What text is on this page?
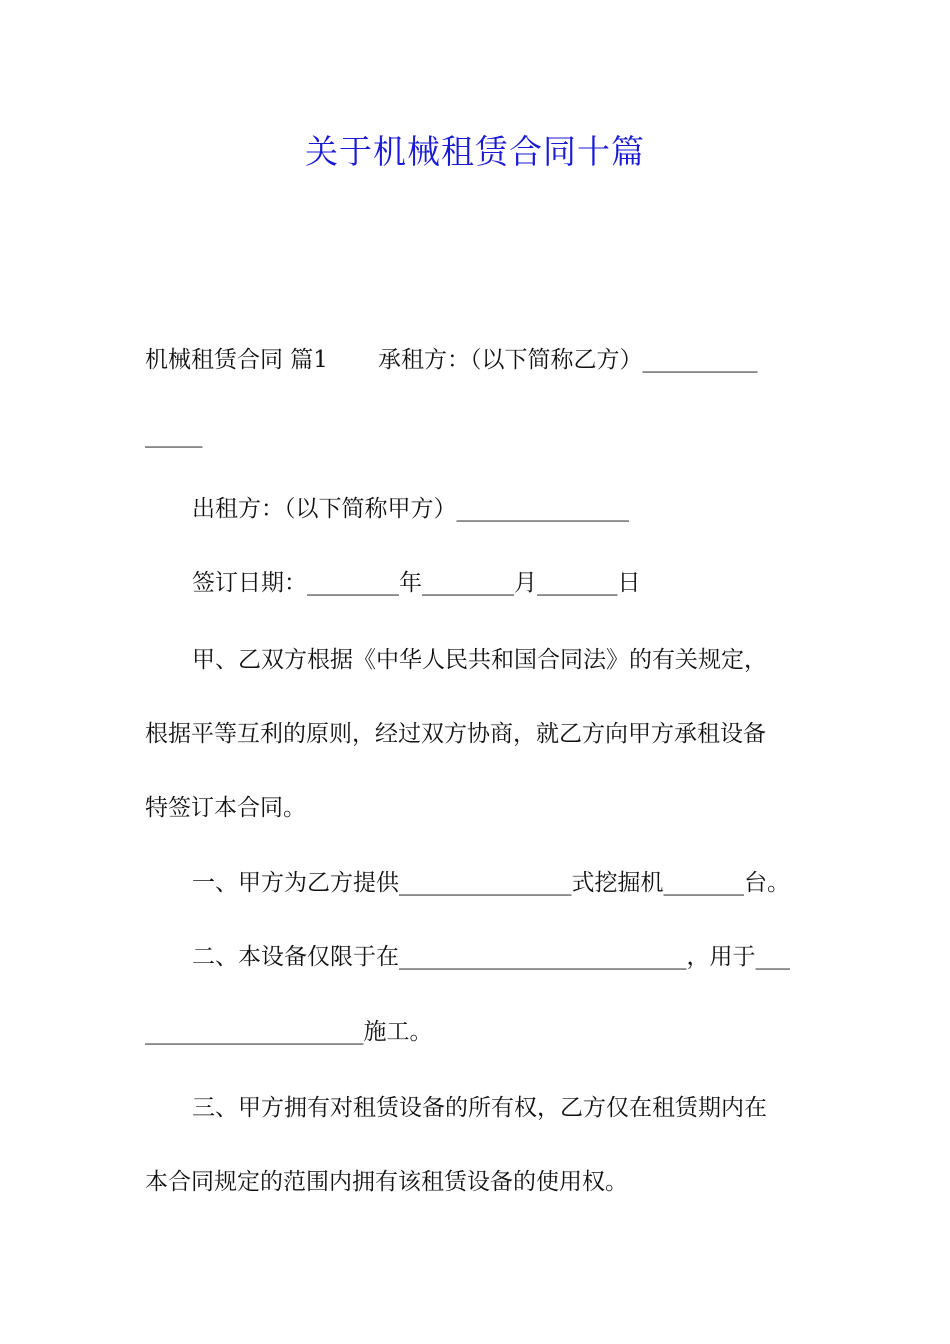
关于机械租赁合同十篇
机械租赁合同 篇1 承租方：（以下简称乙方）__________
_____
出租方：（以下简称甲方）_______________
签订日期：________年________月_______日
甲、乙双方根据《中华人民共和国合同法》的有关规定，
根据平等互利的原则，经过双方协商，就乙方向甲方承租设备
特签订本合同。
一、甲方为乙方提供_______________式挖掘机_______台。
二、本设备仅限于在_________________________，用于___
___________________施工。
三、甲方拥有对租赁设备的所有权，乙方仅在租赁期内在
本合同规定的范围内拥有该租赁设备的使用权。
